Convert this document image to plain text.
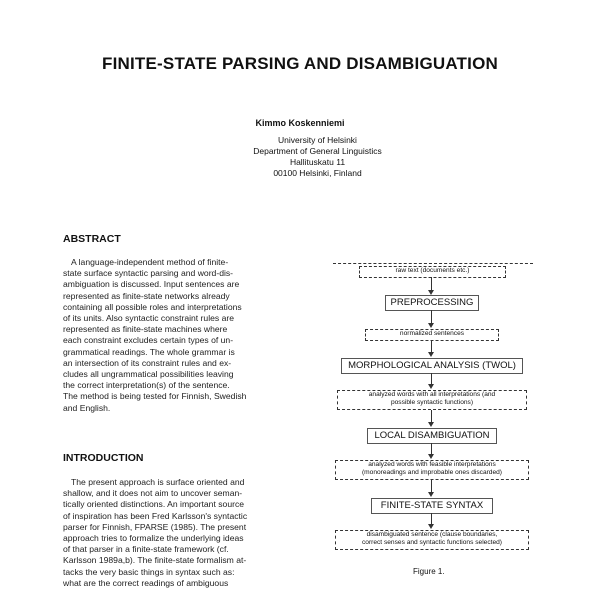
FINITE-STATE PARSING AND DISAMBIGUATION
Kimmo Koskenniemi
University of Helsinki
Department of General Linguistics
Hallituskatu 11
00100 Helsinki, Finland
ABSTRACT
A language-independent method of finite-
state surface syntactic parsing and word-dis-
ambiguation is discussed. Input sentences are
represented as finite-state networks already
containing all possible roles and interpretations
of its units. Also syntactic constraint rules are
represented as finite-state machines where
each constraint excludes certain types of un-
grammatical readings. The whole grammar is
an intersection of its constraint rules and ex-
cludes all ungrammatical possibilities leaving
the correct interpretation(s) of the sentence.
The method is being tested for Finnish, Swedish
and English.
INTRODUCTION
The present approach is surface oriented and
shallow, and it does not aim to uncover seman-
tically oriented distinctions. An important source
of inspiration has been Fred Karlsson's syntactic
parser for Finnish, FPARSE (1985). The present
approach tries to formalize the underlying ideas
of that parser in a finite-state framework (cf.
Karlsson 1989a,b). The finite-state formalism at-
tacks the very basic things in syntax such as:
what are the correct readings of ambiguous
raw text (documents etc.)
PREPROCESSING
normalized sentences
MORPHOLOGICAL ANALYSIS (TWOL)
analyzed words with all interpretations (and
possible syntactic functions)
LOCAL DISAMBIGUATION
analyzed words with feasible interpretations
(monoreadings and improbable ones discarded)
FINITE-STATE SYNTAX
disambiguated sentence (clause boundaries,
correct senses and syntactic functions selected)
Figure 1.
